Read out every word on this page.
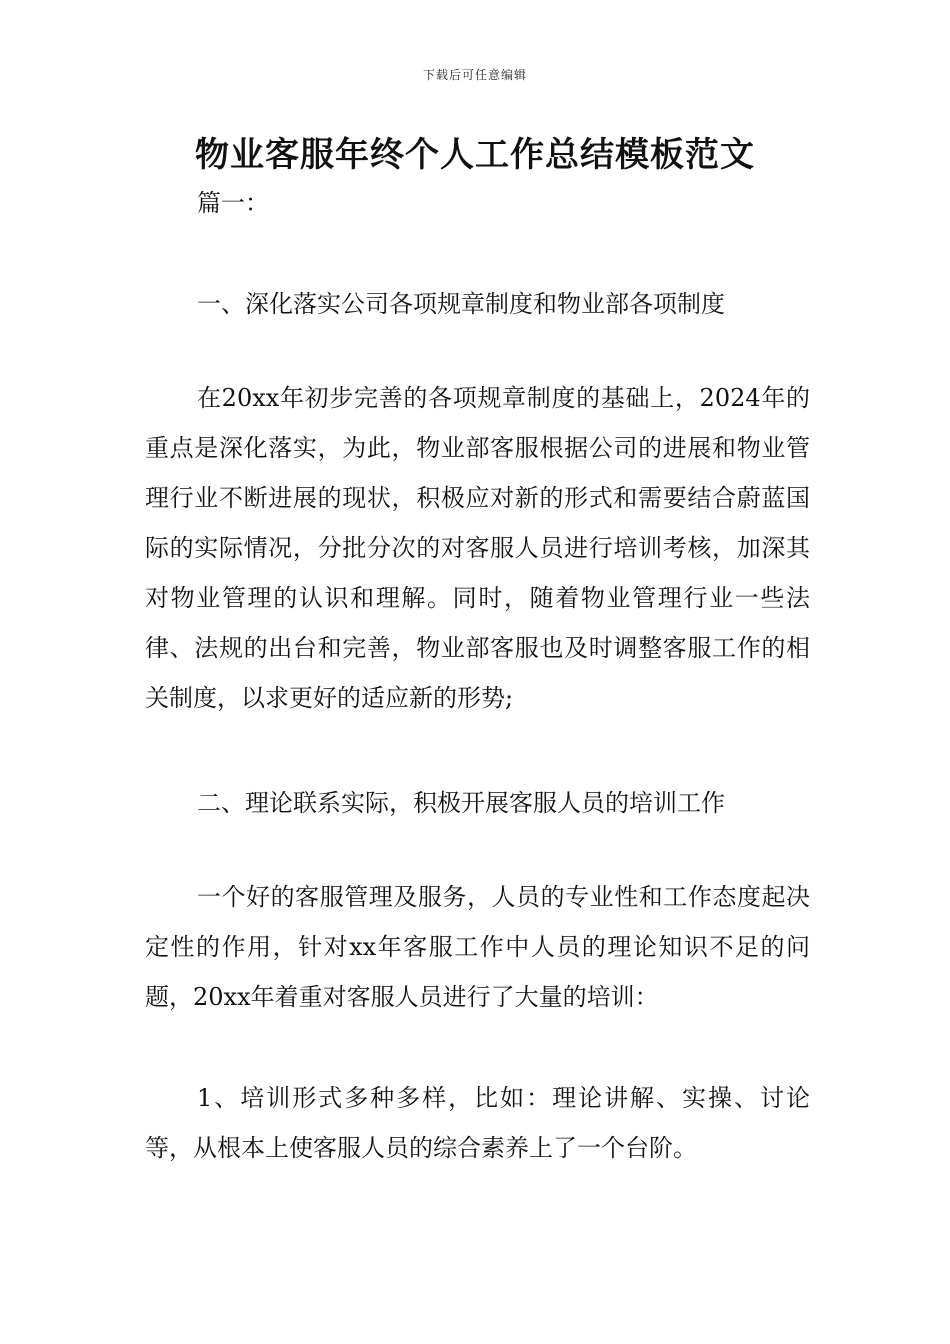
下载后可任意编辑
物业客服年终个人工作总结模板范文
篇一：

一、深化落实公司各项规章制度和物业部各项制度

在20xx年初步完善的各项规章制度的基础上，2024年的重点是深化落实，为此，物业部客服根据公司的进展和物业管理行业不断进展的现状，积极应对新的形式和需要结合蔚蓝国际的实际情况，分批分次的对客服人员进行培训考核，加深其对物业管理的认识和理解。同时，随着物业管理行业一些法律、法规的出台和完善，物业部客服也及时调整客服工作的相关制度，以求更好的适应新的形势;

二、理论联系实际，积极开展客服人员的培训工作

一个好的客服管理及服务，人员的专业性和工作态度起决定性的作用，针对xx年客服工作中人员的理论知识不足的问题，20xx年着重对客服人员进行了大量的培训：

1、培训形式多种多样，比如：理论讲解、实操、讨论等，从根本上使客服人员的综合素养上了一个台阶。
